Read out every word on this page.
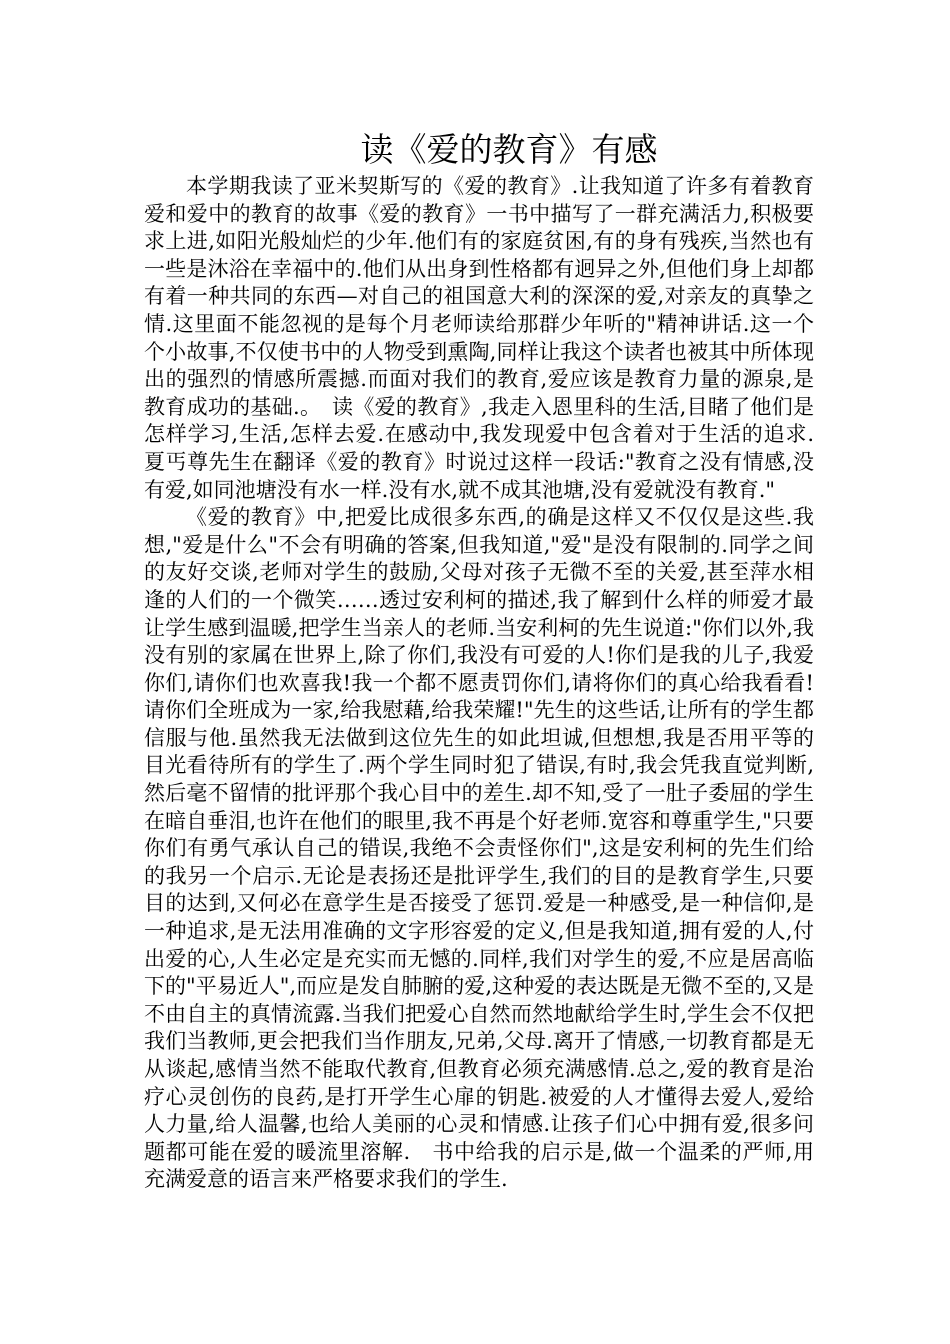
读《爱的教育》有感

本学期我读了亚米契斯写的《爱的教育》.让我知道了许多有着教育爱和爱中的教育的故事《爱的教育》一书中描写了一群充满活力,积极要求上进,如阳光般灿烂的少年.他们有的家庭贫困,有的身有残疾,当然也有一些是沐浴在幸福中的.他们从出身到性格都有迥异之外,但他们身上却都有着一种共同的东西—对自己的祖国意大利的深深的爱,对亲友的真挚之情.这里面不能忽视的是每个月老师读给那群少年听的"精神讲话.这一个个小故事,不仅使书中的人物受到熏陶,同样让我这个读者也被其中所体现出的强烈的情感所震撼.而面对我们的教育,爱应该是教育力量的源泉,是教育成功的基础.。　读《爱的教育》,我走入恩里科的生活,目睹了他们是怎样学习,生活,怎样去爱.在感动中,我发现爱中包含着对于生活的追求.　夏丐尊先生在翻译《爱的教育》时说过这样一段话:"教育之没有情感,没有爱,如同池塘没有水一样.没有水,就不成其池塘,没有爱就没有教育."

《爱的教育》中,把爱比成很多东西,的确是这样又不仅仅是这些.我想,"爱是什么"不会有明确的答案,但我知道,"爱"是没有限制的.同学之间的友好交谈,老师对学生的鼓励,父母对孩子无微不至的关爱,甚至萍水相逢的人们的一个微笑……透过安利柯的描述,我了解到什么样的师爱才最让学生感到温暖,把学生当亲人的老师.当安利柯的先生说道:"你们以外,我没有别的家属在世界上,除了你们,我没有可爱的人!你们是我的儿子,我爱你们,请你们也欢喜我!我一个都不愿责罚你们,请将你们的真心给我看看!请你们全班成为一家,给我慰藉,给我荣耀!"先生的这些话,让所有的学生都信服与他.虽然我无法做到这位先生的如此坦诚,但想想,我是否用平等的目光看待所有的学生了.两个学生同时犯了错误,有时,我会凭我直觉判断,然后毫不留情的批评那个我心目中的差生.却不知,受了一肚子委屈的学生在暗自垂泪,也许在他们的眼里,我不再是个好老师.宽容和尊重学生,"只要你们有勇气承认自己的错误,我绝不会责怪你们",这是安利柯的先生们给的我另一个启示.无论是表扬还是批评学生,我们的目的是教育学生,只要目的达到,又何必在意学生是否接受了惩罚.爱是一种感受,是一种信仰,是一种追求,是无法用准确的文字形容爱的定义,但是我知道,拥有爱的人,付出爱的心,人生必定是充实而无憾的.同样,我们对学生的爱,不应是居高临下的"平易近人",而应是发自肺腑的爱,这种爱的表达既是无微不至的,又是不由自主的真情流露.当我们把爱心自然而然地献给学生时,学生会不仅把我们当教师,更会把我们当作朋友,兄弟,父母.离开了情感,一切教育都是无从谈起,感情当然不能取代教育,但教育必须充满感情.总之,爱的教育是治疗心灵创伤的良药,是打开学生心扉的钥匙.被爱的人才懂得去爱人,爱给人力量,给人温馨,也给人美丽的心灵和情感.让孩子们心中拥有爱,很多问题都可能在爱的暖流里溶解.　书中给我的启示是,做一个温柔的严师,用充满爱意的语言来严格要求我们的学生.
